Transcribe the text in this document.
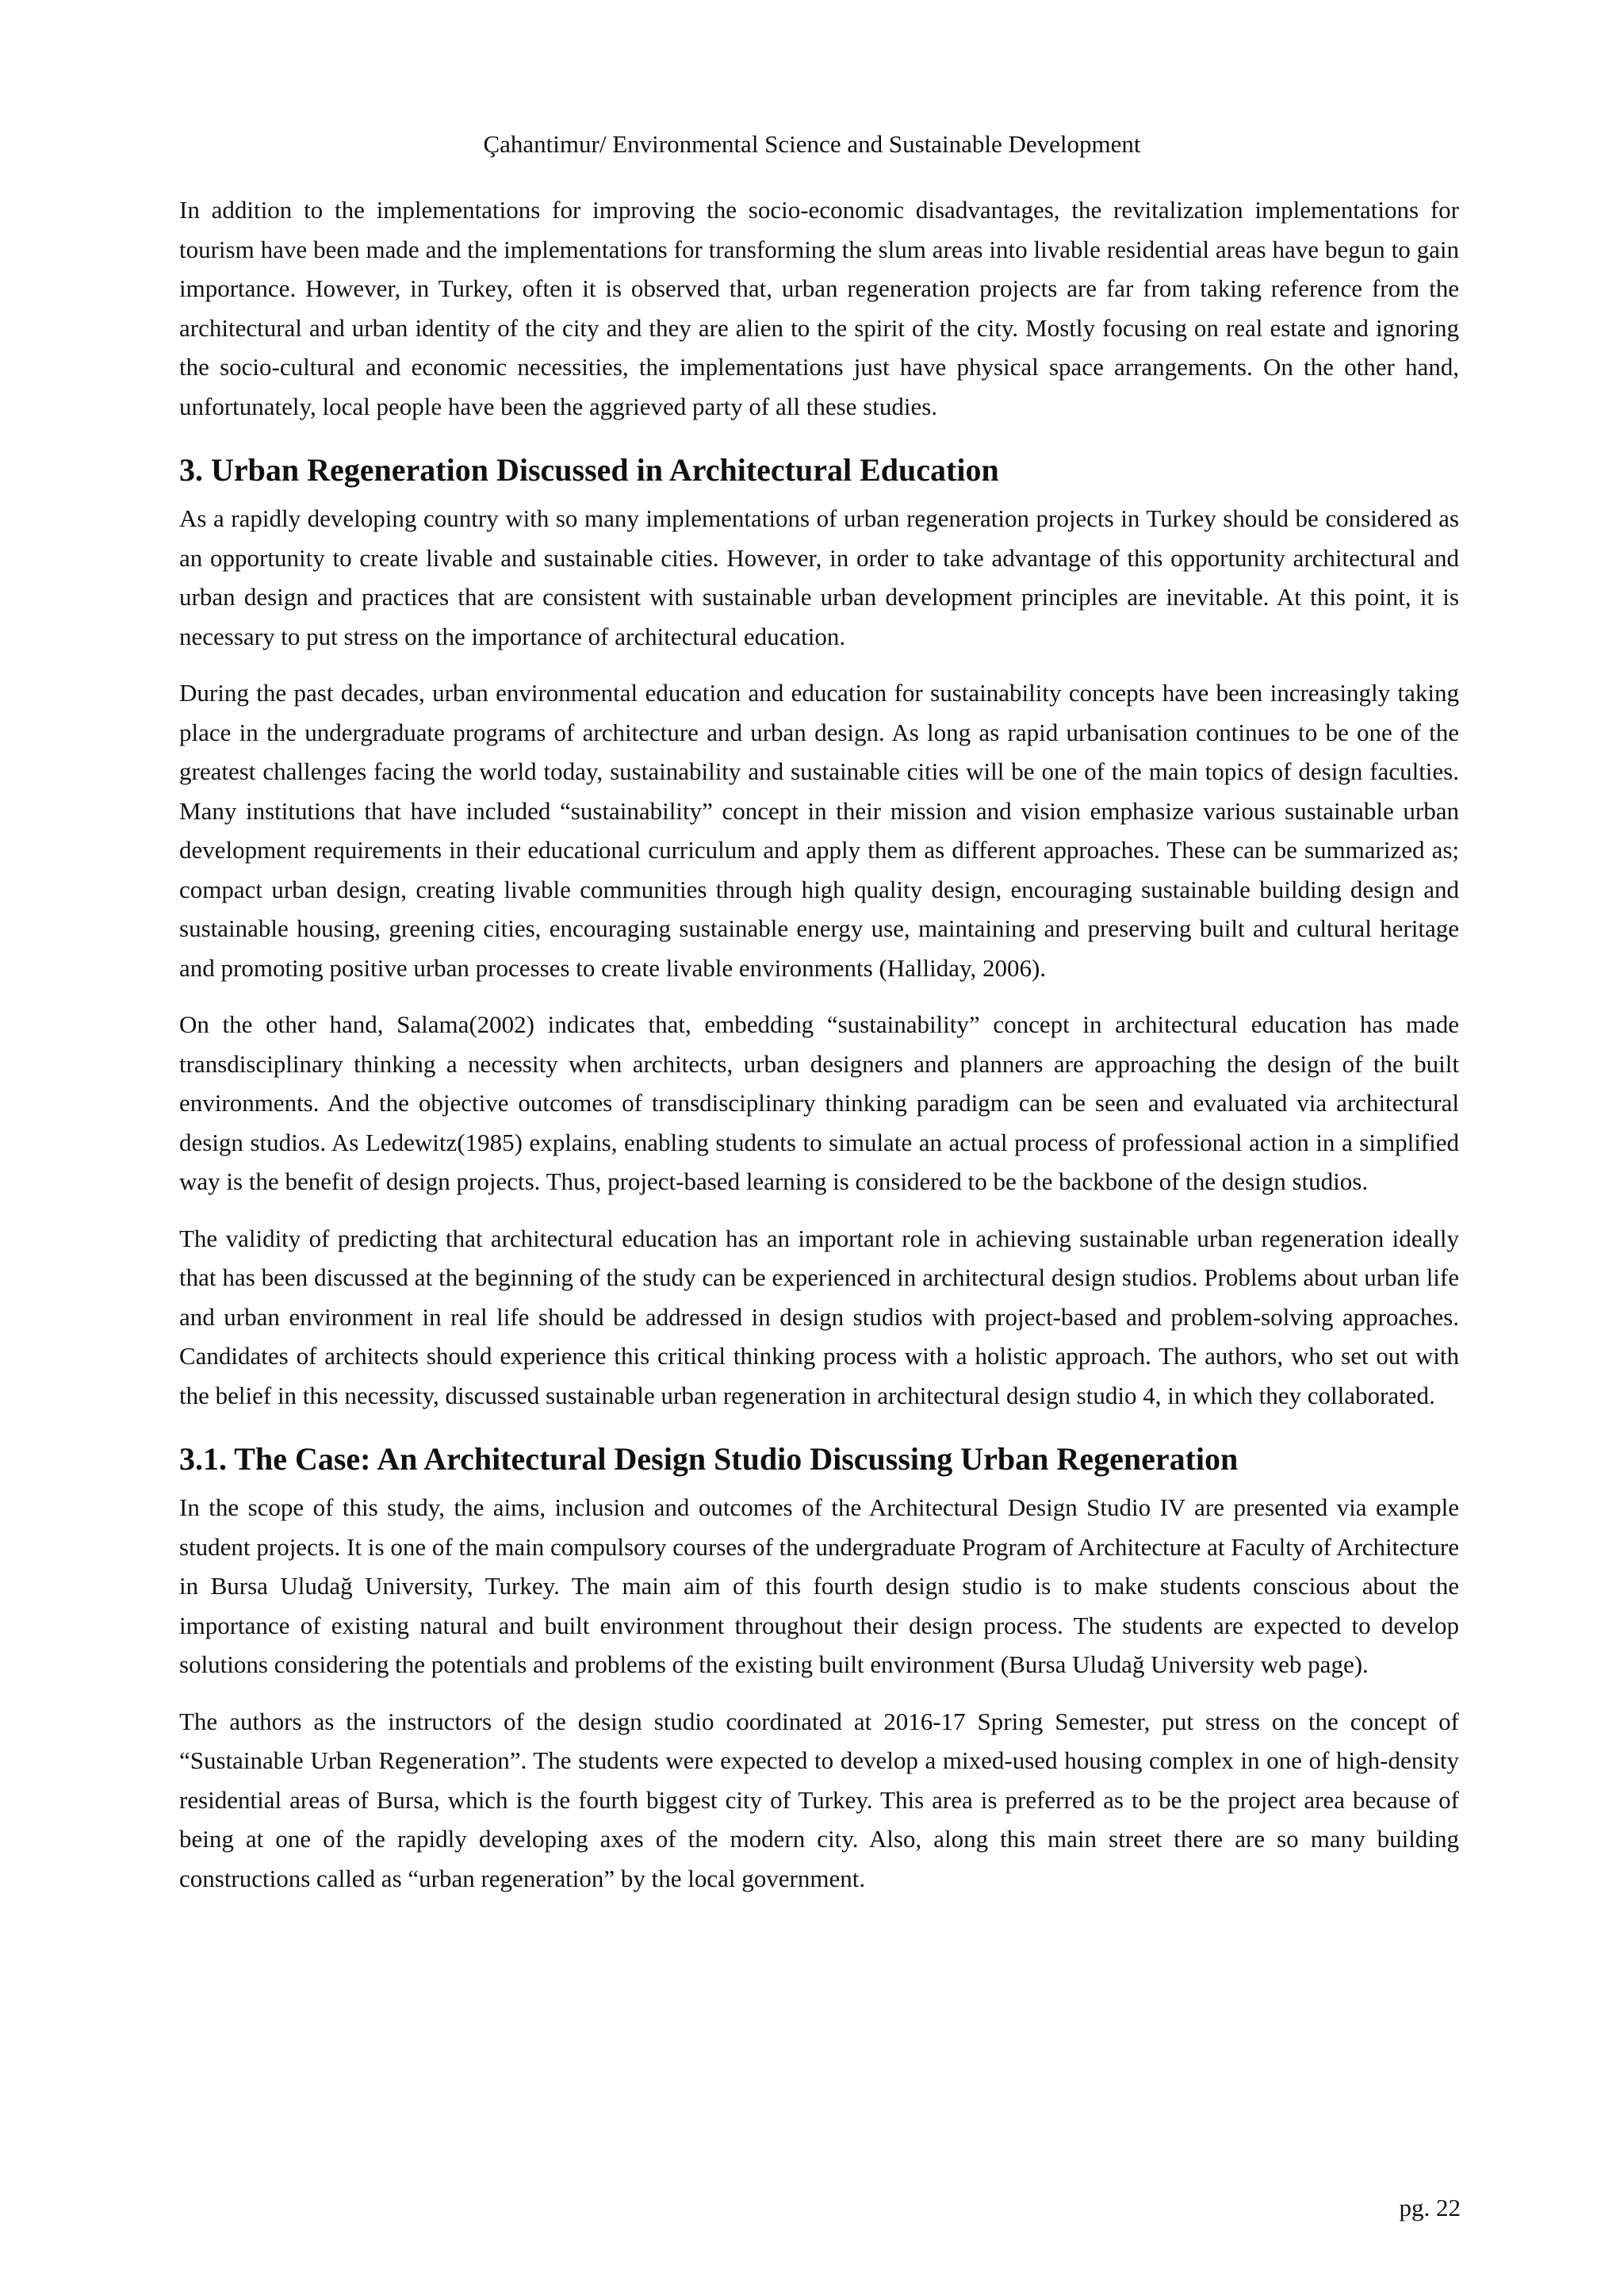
Çahantimur/ Environmental Science and Sustainable Development

In addition to the implementations for improving the socio-economic disadvantages, the revitalization implementations for tourism have been made and the implementations for transforming the slum areas into livable residential areas have begun to gain importance. However, in Turkey, often it is observed that, urban regeneration projects are far from taking reference from the architectural and urban identity of the city and they are alien to the spirit of the city. Mostly focusing on real estate and ignoring the socio-cultural and economic necessities, the implementations just have physical space arrangements. On the other hand, unfortunately, local people have been the aggrieved party of all these studies.

3. Urban Regeneration Discussed in Architectural Education

As a rapidly developing country with so many implementations of urban regeneration projects in Turkey should be considered as an opportunity to create livable and sustainable cities. However, in order to take advantage of this opportunity architectural and urban design and practices that are consistent with sustainable urban development principles are inevitable. At this point, it is necessary to put stress on the importance of architectural education.

During the past decades, urban environmental education and education for sustainability concepts have been increasingly taking place in the undergraduate programs of architecture and urban design. As long as rapid urbanisation continues to be one of the greatest challenges facing the world today, sustainability and sustainable cities will be one of the main topics of design faculties. Many institutions that have included “sustainability” concept in their mission and vision emphasize various sustainable urban development requirements in their educational curriculum and apply them as different approaches. These can be summarized as; compact urban design, creating livable communities through high quality design, encouraging sustainable building design and sustainable housing, greening cities, encouraging sustainable energy use, maintaining and preserving built and cultural heritage and promoting positive urban processes to create livable environments (Halliday, 2006).

On the other hand, Salama(2002) indicates that, embedding “sustainability” concept in architectural education has made transdisciplinary thinking a necessity when architects, urban designers and planners are approaching the design of the built environments. And the objective outcomes of transdisciplinary thinking paradigm can be seen and evaluated via architectural design studios. As Ledewitz(1985) explains, enabling students to simulate an actual process of professional action in a simplified way is the benefit of design projects. Thus, project-based learning is considered to be the backbone of the design studios.

The validity of predicting that architectural education has an important role in achieving sustainable urban regeneration ideally that has been discussed at the beginning of the study can be experienced in architectural design studios. Problems about urban life and urban environment in real life should be addressed in design studios with project-based and problem-solving approaches. Candidates of architects should experience this critical thinking process with a holistic approach. The authors, who set out with the belief in this necessity, discussed sustainable urban regeneration in architectural design studio 4, in which they collaborated.

3.1. The Case: An Architectural Design Studio Discussing Urban Regeneration

In the scope of this study, the aims, inclusion and outcomes of the Architectural Design Studio IV are presented via example student projects. It is one of the main compulsory courses of the undergraduate Program of Architecture at Faculty of Architecture in Bursa Uludağ University, Turkey. The main aim of this fourth design studio is to make students conscious about the importance of existing natural and built environment throughout their design process. The students are expected to develop solutions considering the potentials and problems of the existing built environment (Bursa Uludağ University web page).

The authors as the instructors of the design studio coordinated at 2016-17 Spring Semester, put stress on the concept of “Sustainable Urban Regeneration”. The students were expected to develop a mixed-used housing complex in one of high-density residential areas of Bursa, which is the fourth biggest city of Turkey. This area is preferred as to be the project area because of being at one of the rapidly developing axes of the modern city. Also, along this main street there are so many building constructions called as “urban regeneration” by the local government.

pg. 22
